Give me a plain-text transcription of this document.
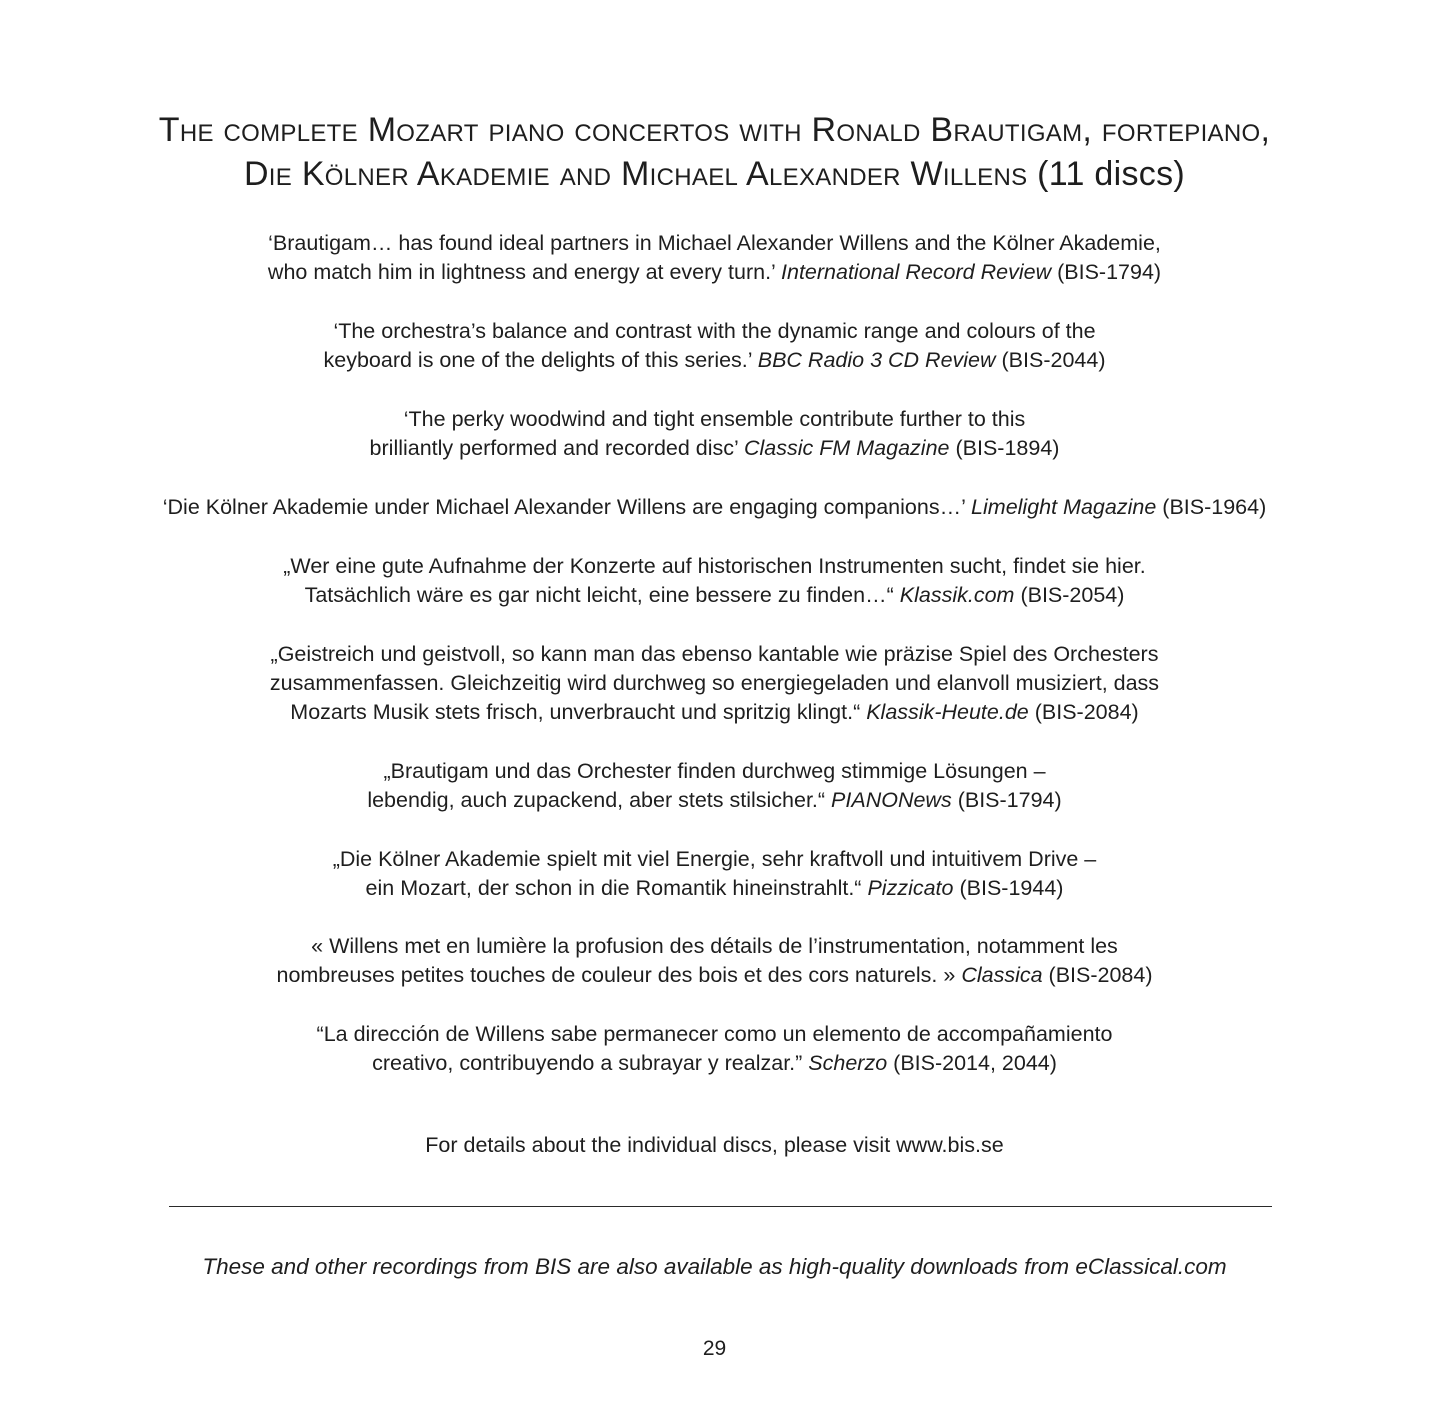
The complete Mozart piano concertos with Ronald Brautigam, fortepiano,
Die Kölner Akademie and Michael Alexander Willens (11 discs)
‘Brautigam… has found ideal partners in Michael Alexander Willens and the Kölner Akademie,
who match him in lightness and energy at every turn.’ International Record Review (BIS-1794)
‘The orchestra’s balance and contrast with the dynamic range and colours of the
keyboard is one of the delights of this series.’ BBC Radio 3 CD Review (BIS-2044)
‘The perky woodwind and tight ensemble contribute further to this
brilliantly performed and recorded disc’ Classic FM Magazine (BIS-1894)
‘Die Kölner Akademie under Michael Alexander Willens are engaging companions…’ Limelight Magazine (BIS-1964)
„Wer eine gute Aufnahme der Konzerte auf historischen Instrumenten sucht, findet sie hier.
Tatsächlich wäre es gar nicht leicht, eine bessere zu finden…“ Klassik.com (BIS-2054)
„Geistreich und geistvoll, so kann man das ebenso kantable wie präzise Spiel des Orchesters
zusammenfassen. Gleichzeitig wird durchweg so energiegeladen und elanvoll musiziert, dass
Mozarts Musik stets frisch, unverbraucht und spritzig klingt.“ Klassik-Heute.de (BIS-2084)
„Brautigam und das Orchester finden durchweg stimmige Lösungen –
lebendig, auch zupackend, aber stets stilsicher.“ PIANONews (BIS-1794)
„Die Kölner Akademie spielt mit viel Energie, sehr kraftvoll und intuitivem Drive –
ein Mozart, der schon in die Romantik hineinstrahlt.“ Pizzicato (BIS-1944)
« Willens met en lumière la profusion des détails de l’instrumentation, notamment les
nombreuses petites touches de couleur des bois et des cors naturels. » Classica (BIS-2084)
“La dirección de Willens sabe permanecer como un elemento de accompañamiento
creativo, contribuyendo a subrayar y realzar.” Scherzo (BIS-2014, 2044)
For details about the individual discs, please visit www.bis.se
These and other recordings from BIS are also available as high-quality downloads from eClassical.com
29
